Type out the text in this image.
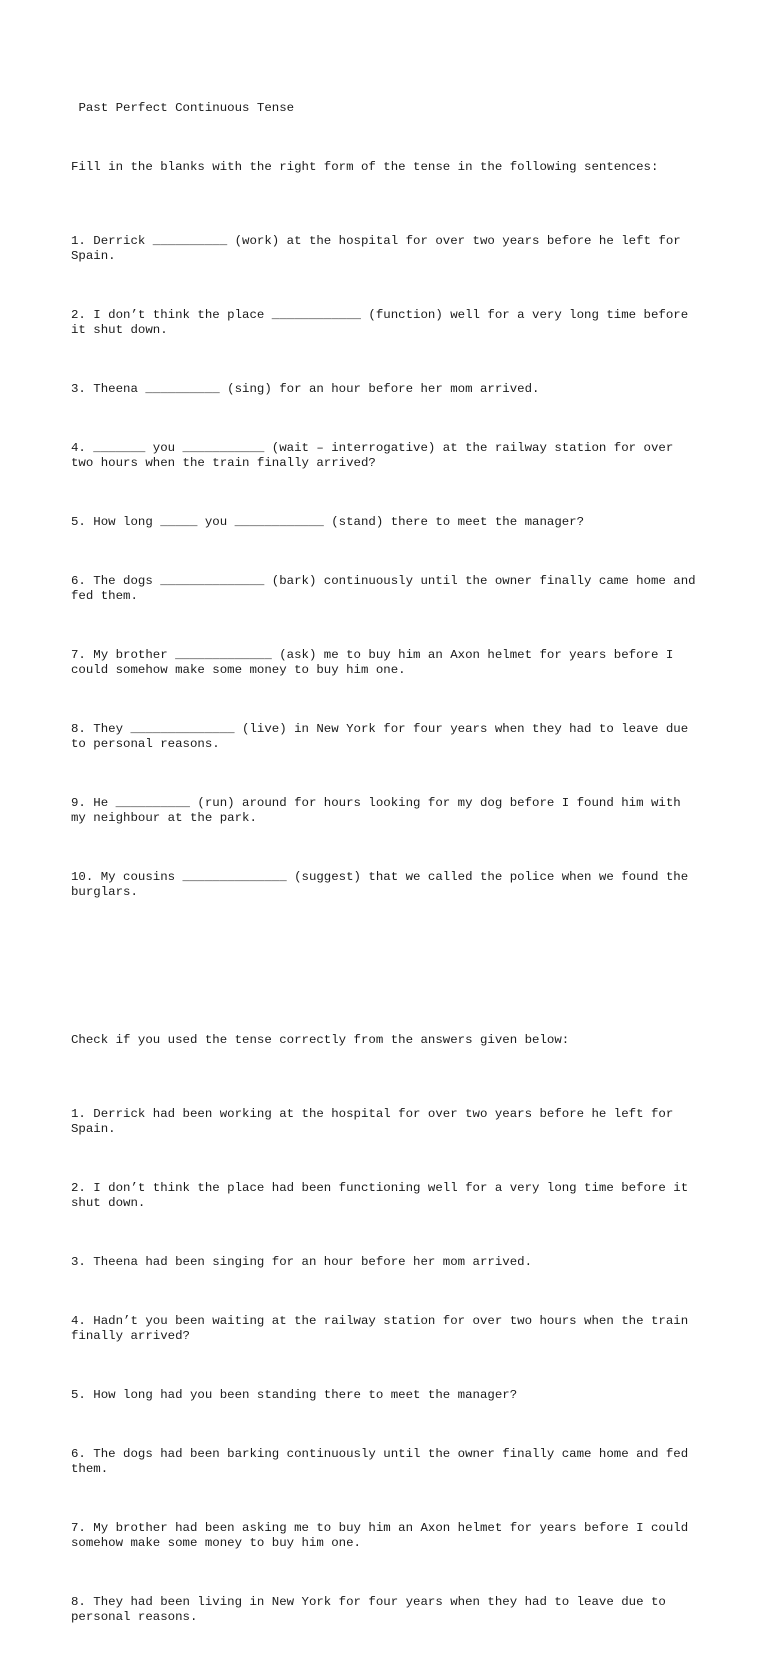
Past Perfect Continuous Tense

Fill in the blanks with the right form of the tense in the following sentences:

1. Derrick __________ (work) at the hospital for over two years before he left for Spain.

2. I don’t think the place ____________ (function) well for a very long time before it shut down.

3. Theena __________ (sing) for an hour before her mom arrived.

4. _______ you ___________ (wait – interrogative) at the railway station for over two hours when the train finally arrived?

5. How long _____ you ____________ (stand) there to meet the manager?

6. The dogs ______________ (bark) continuously until the owner finally came home and fed them.

7. My brother _____________ (ask) me to buy him an Axon helmet for years before I could somehow make some money to buy him one.

8. They ______________ (live) in New York for four years when they had to leave due to personal reasons.

9. He __________ (run) around for hours looking for my dog before I found him with my neighbour at the park.

10. My cousins ______________ (suggest) that we called the police when we found the burglars.

Check if you used the tense correctly from the answers given below:

1. Derrick had been working at the hospital for over two years before he left for Spain.

2. I don’t think the place had been functioning well for a very long time before it shut down.

3. Theena had been singing for an hour before her mom arrived.

4. Hadn’t you been waiting at the railway station for over two hours when the train finally arrived?

5. How long had you been standing there to meet the manager?

6. The dogs had been barking continuously until the owner finally came home and fed them.

7. My brother had been asking me to buy him an Axon helmet for years before I could somehow make some money to buy him one.

8. They had been living in New York for four years when they had to leave due to personal reasons.
